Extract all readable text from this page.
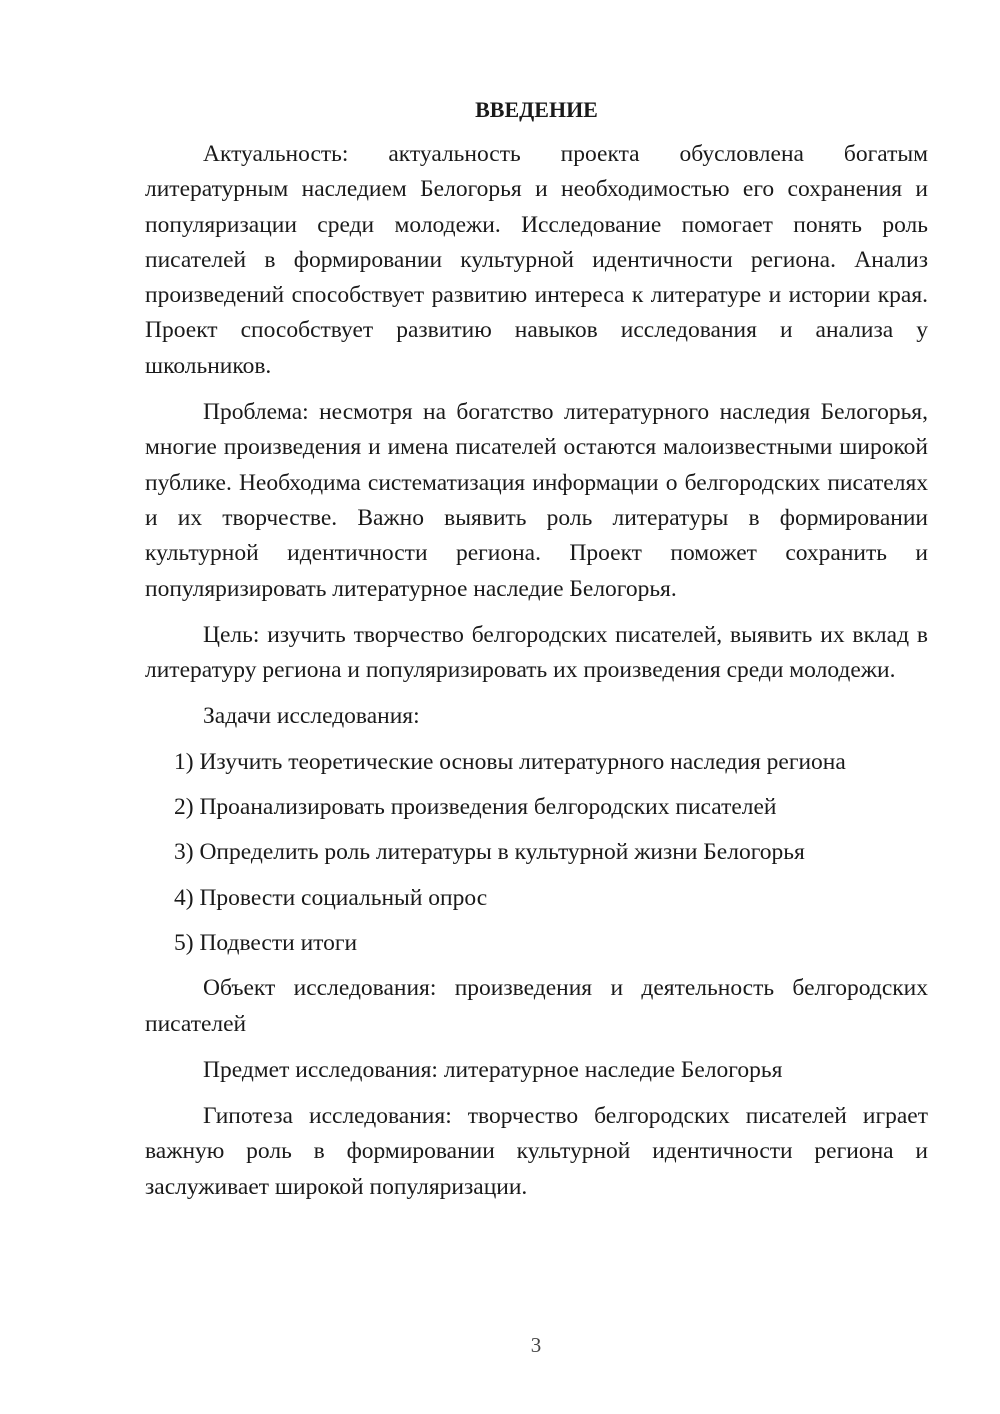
ВВЕДЕНИЕ

Актуальность: актуальность проекта обусловлена богатым литературным наследием Белогорья и необходимостью его сохранения и популяризации среди молодежи. Исследование помогает понять роль писателей в формировании культурной идентичности региона. Анализ произведений способствует развитию интереса к литературе и истории края. Проект способствует развитию навыков исследования и анализа у школьников.

Проблема: несмотря на богатство литературного наследия Белогорья, многие произведения и имена писателей остаются малоизвестными широкой публике. Необходима систематизация информации о белгородских писателях и их творчестве. Важно выявить роль литературы в формировании культурной идентичности региона. Проект поможет сохранить и популяризировать литературное наследие Белогорья.

Цель: изучить творчество белгородских писателей, выявить их вклад в литературу региона и популяризировать их произведения среди молодежи.

Задачи исследования:

1) Изучить теоретические основы литературного наследия региона
2) Проанализировать произведения белгородских писателей
3) Определить роль литературы в культурной жизни Белогорья
4) Провести социальный опрос
5) Подвести итоги

Объект исследования: произведения и деятельность белгородских писателей

Предмет исследования: литературное наследие Белогорья

Гипотеза исследования: творчество белгородских писателей играет важную роль в формировании культурной идентичности региона и заслуживает широкой популяризации.

3
